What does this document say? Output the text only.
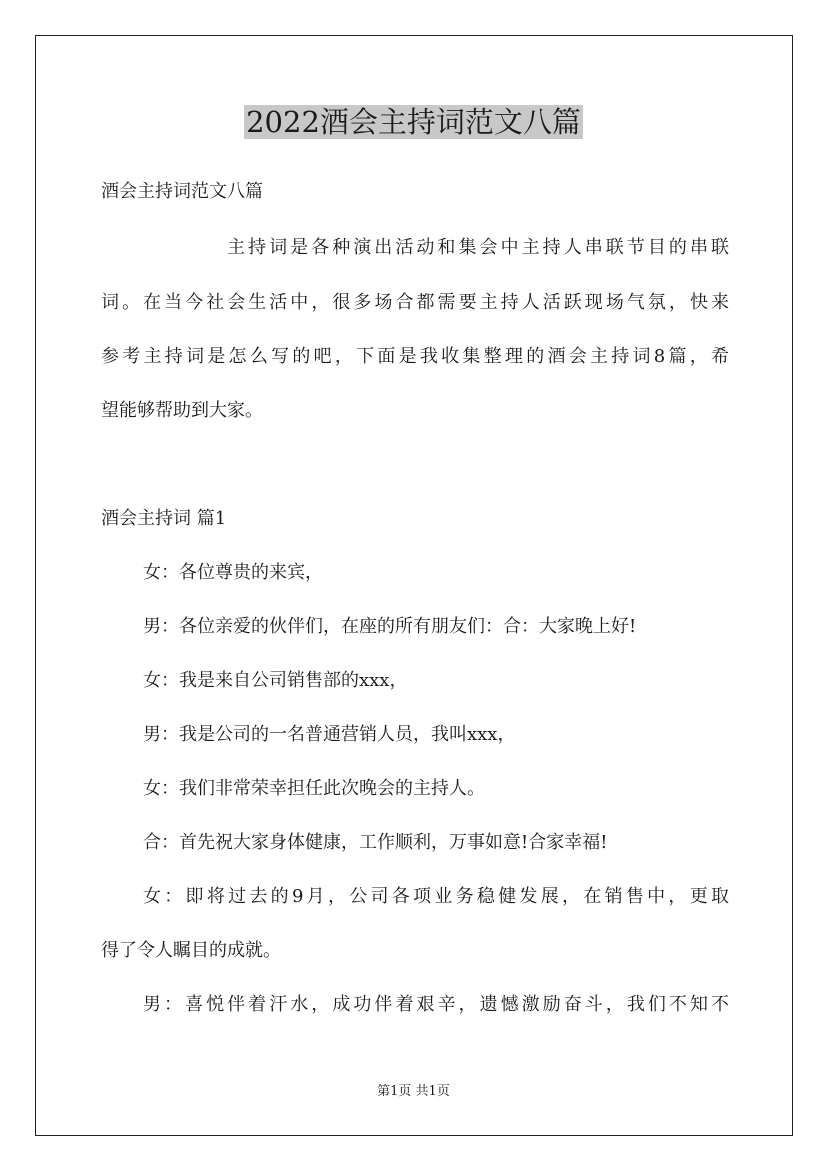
2022酒会主持词范文八篇
酒会主持词范文八篇
主持词是各种演出活动和集会中主持人串联节目的串联
词。在当今社会生活中，很多场合都需要主持人活跃现场气氛，快来
参考主持词是怎么写的吧，下面是我收集整理的酒会主持词8篇，希
望能够帮助到大家。
酒会主持词 篇1
女：各位尊贵的来宾，
男：各位亲爱的伙伴们，在座的所有朋友们：合：大家晚上好!
女：我是来自公司销售部的xxx，
男：我是公司的一名普通营销人员，我叫xxx，
女：我们非常荣幸担任此次晚会的主持人。
合：首先祝大家身体健康，工作顺利，万事如意!合家幸福!
女：即将过去的9月，公司各项业务稳健发展，在销售中，更取
得了令人瞩目的成就。
男：喜悦伴着汗水，成功伴着艰辛，遗憾激励奋斗，我们不知不
第1页 共1页
